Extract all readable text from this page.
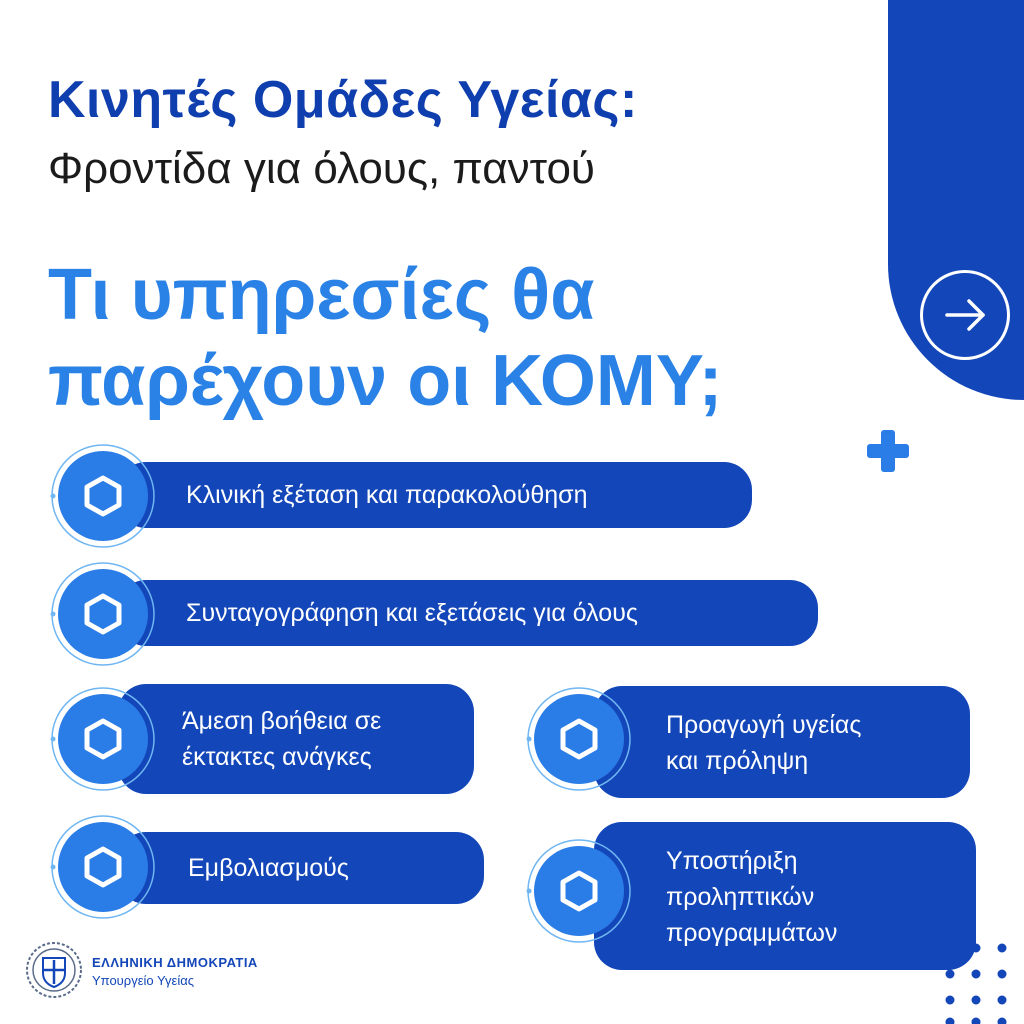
Κινητές Ομάδες Υγείας:
Φροντίδα για όλους, παντού
Τι υπηρεσίες θα
παρέχουν οι ΚΟΜΥ;
Κλινική εξέταση και παρακολούθηση
Συνταγογράφηση και εξετάσεις για όλους
Άμεση βοήθεια σε
έκτακτες ανάγκες
Προαγωγή υγείας
και πρόληψη
Εμβολιασμούς	Υποστήριξη
προληπτικών
προγραμμάτων
ΕΛΛΗΝΙΚΗ ΔΗΜΟΚΡΑΤΙΑ
Υπουργείο Υγείας
